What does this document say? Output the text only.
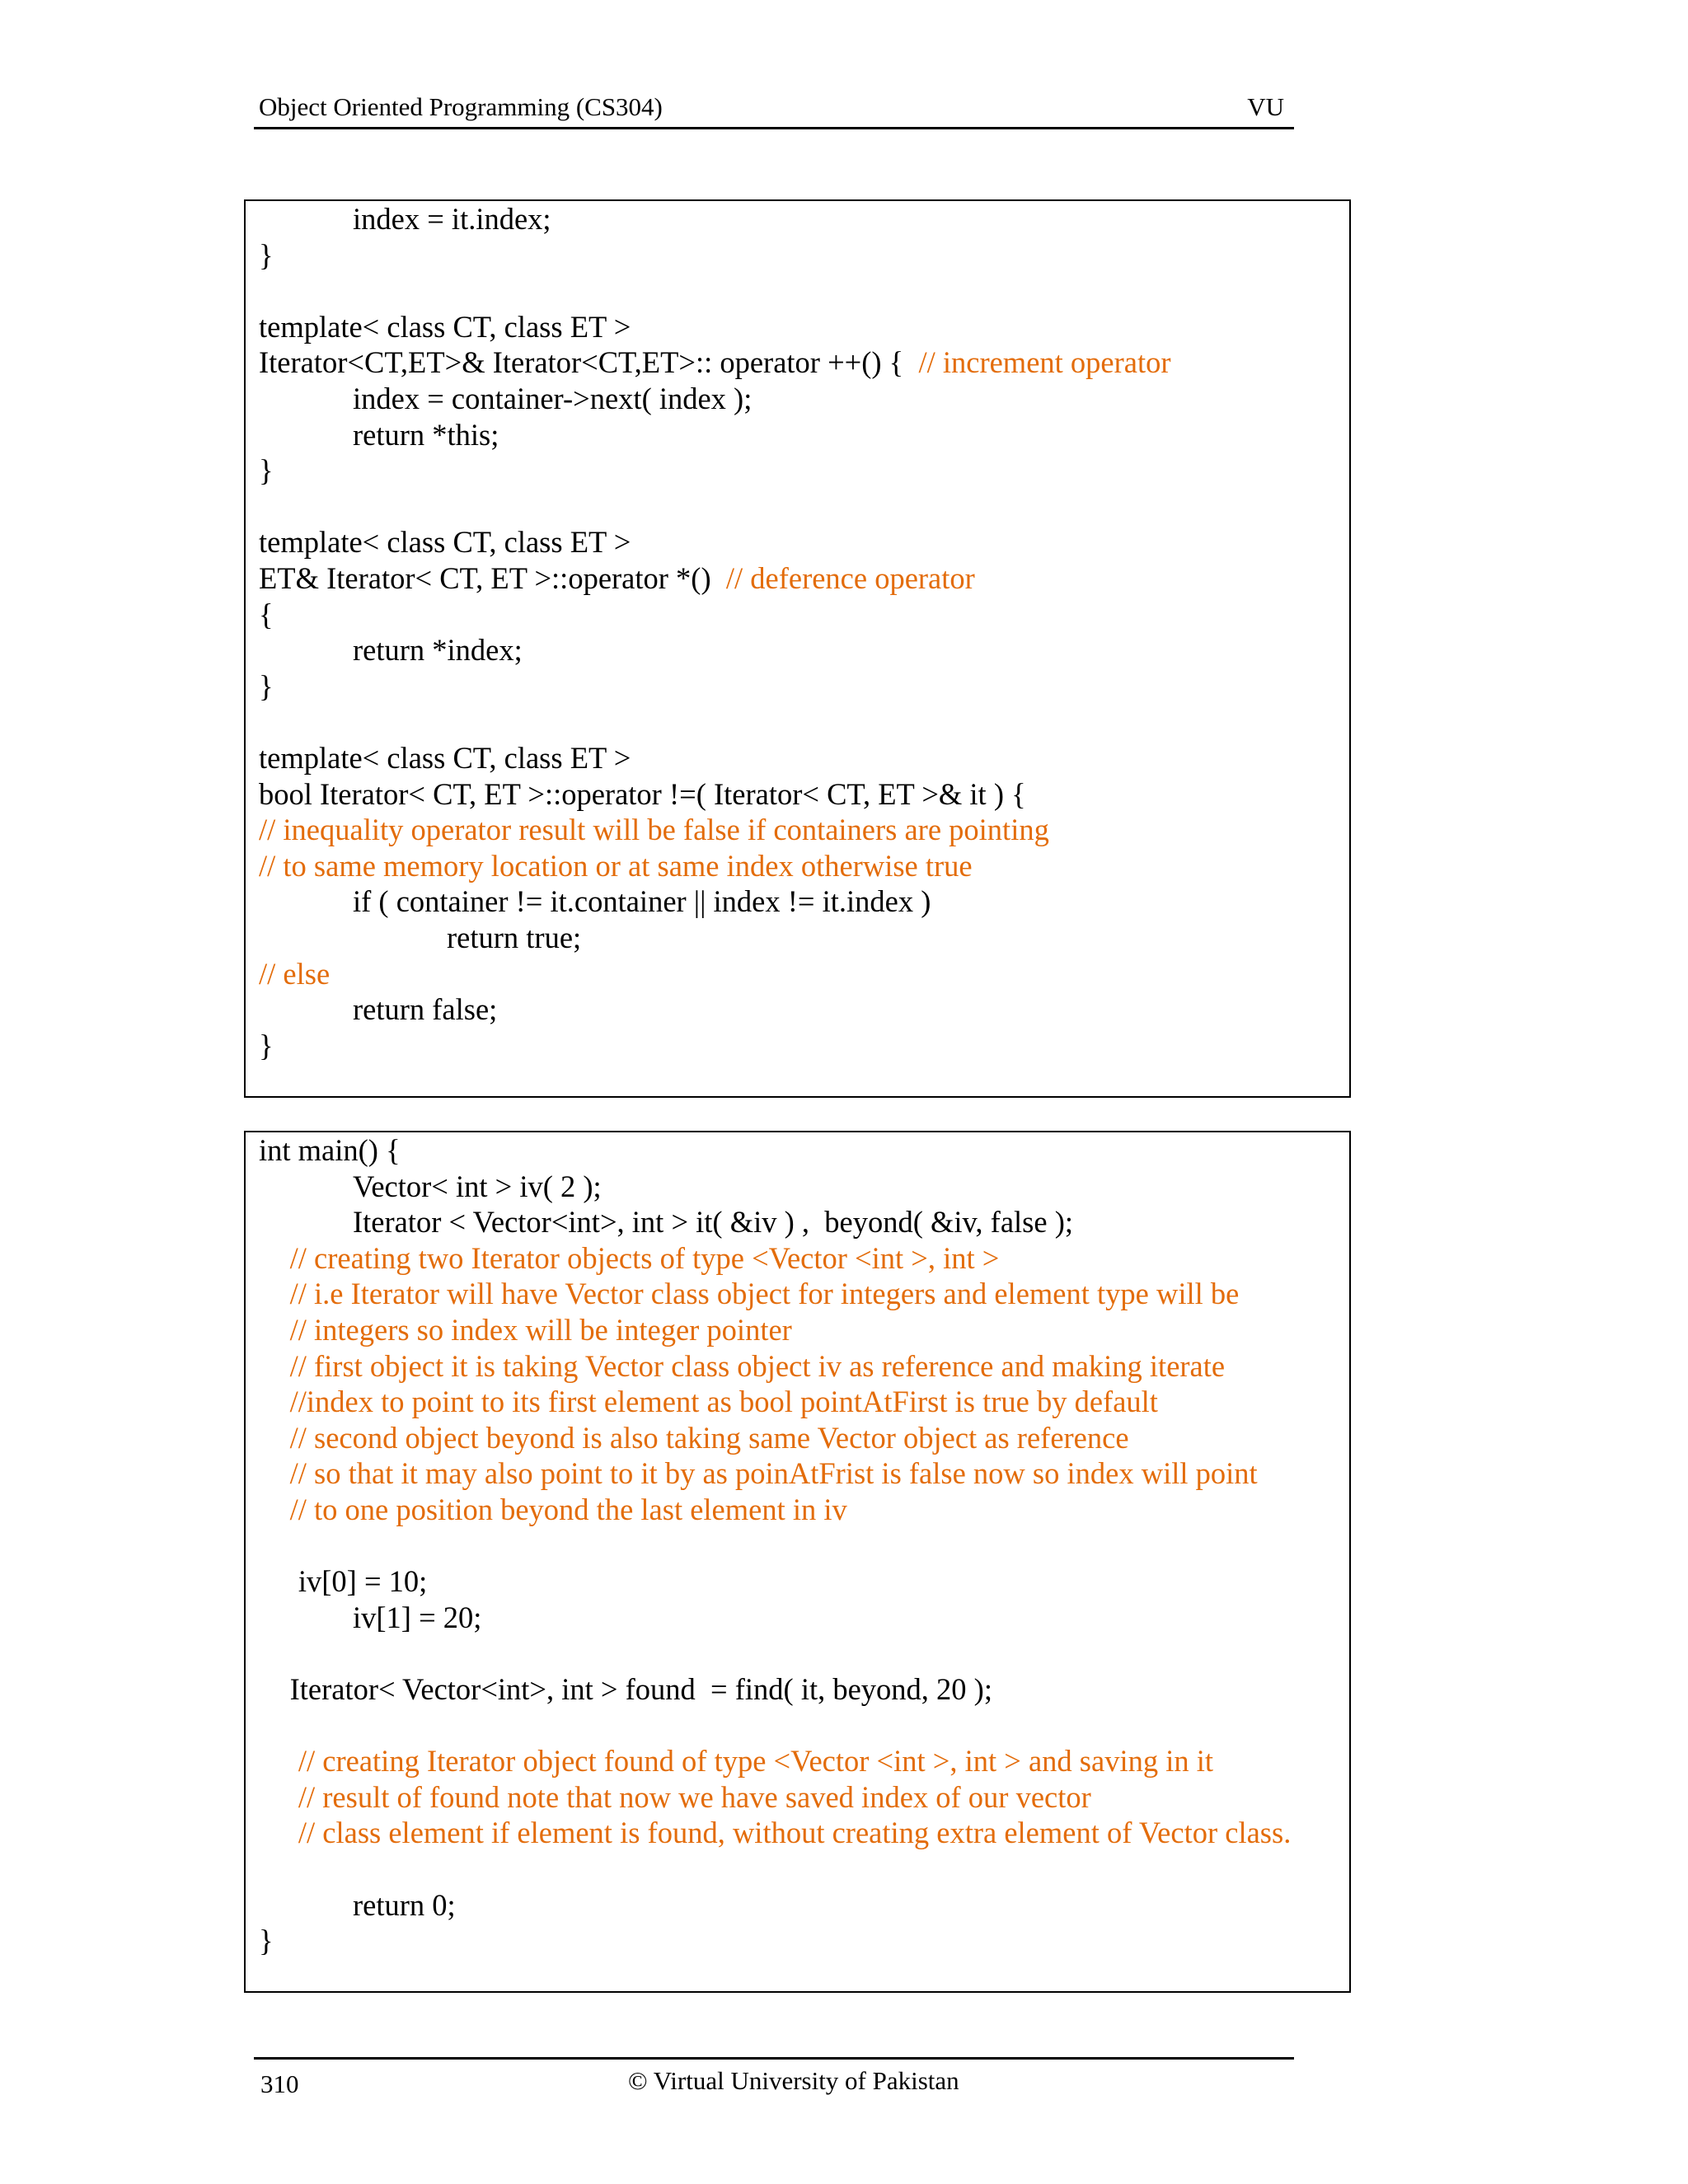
Object Oriented Programming (CS304)	VU
index = it.index;
}
template< class CT, class ET >
Iterator<CT,ET>& Iterator<CT,ET>:: operator ++() {  // increment operator
index = container->next( index );
return *this;
}
template< class CT, class ET >
ET& Iterator< CT, ET >::operator *()  // deference operator
{
return *index;
}
template< class CT, class ET >
bool Iterator< CT, ET >::operator !=( Iterator< CT, ET >& it ) {
// inequality operator result will be false if containers are pointing
// to same memory location or at same index otherwise true
if ( container != it.container || index != it.index )
return true;
// else
return false;
}
int main() {
Vector< int > iv( 2 );
Iterator < Vector<int>, int > it( &iv ) ,  beyond( &iv, false );
// creating two Iterator objects of type <Vector <int >, int >
// i.e Iterator will have Vector class object for integers and element type will be
// integers so index will be integer pointer
// first object it is taking Vector class object iv as reference and making iterate
//index to point to its first element as bool pointAtFirst is true by default
// second object beyond is also taking same Vector object as reference
// so that it may also point to it by as poinAtFrist is false now so index will point
// to one position beyond the last element in iv
iv[0] = 10;
iv[1] = 20;
Iterator< Vector<int>, int > found  = find( it, beyond, 20 );
// creating Iterator object found of type <Vector <int >, int > and saving in it
// result of found note that now we have saved index of our vector
// class element if element is found, without creating extra element of Vector class.
return 0;
}
310	© Virtual University of Pakistan
